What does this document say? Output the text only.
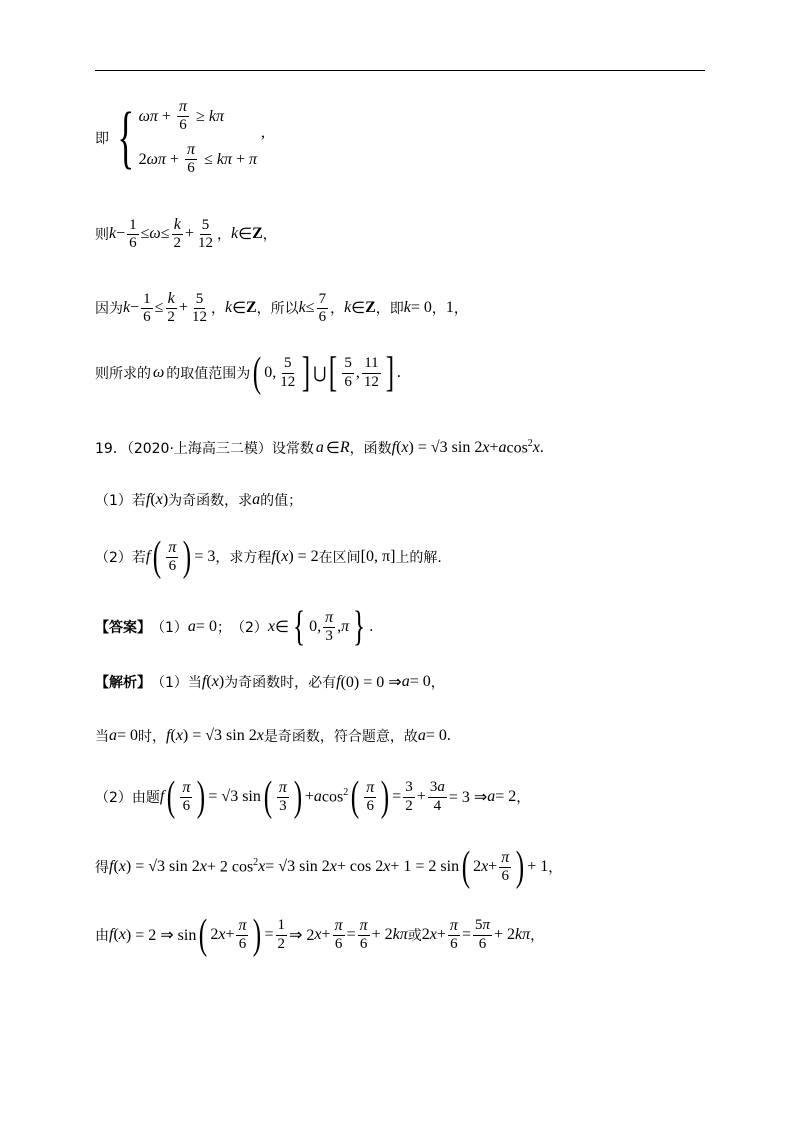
即 { $\omega\pi + \frac{\pi}{6} \ge k\pi$
$2\omega\pi + \frac{\pi}{6} \le k\pi + \pi$
,
则 $k - \frac{1}{6} \le \omega \le \frac{k}{2} + \frac{5}{12}$ ， k ∈ Z ，
因为 $k - \frac{1}{6} \le \frac{k}{2} + \frac{5}{12}$ ， k ∈ Z ， 所以 $k \le \frac{7}{6}$ ， k ∈ Z ， 即 k = 0 ， 1 ，
则所求的 ω 的取值范围为 ( 0, $\frac{5}{12}$ ] ⋃ [ $\frac{5}{6}$ , $\frac{11}{12}$ ] .
19．（2020·上海高三二模）设常数 a ∈ R ，函数 f ( x ) = √3 sin 2 x + a $\cos^2 x$ .
（1）若 f ( x ) 为奇函数，求 a 的值；
（2）若 f ( $\frac{\pi}{6}$ ) = 3 ，求方程 f ( x ) = 2 在区间 [0, π] 上的解.
【答案】 （1） a = 0 ； （2） x ∈ { 0, $\frac{\pi}{3}$ , π } .
【解析】 （1）当 f ( x ) 为奇函数时，必有 f (0) = 0 ⇒ a = 0 ，
当 a = 0 时， f ( x ) = √3 sin 2 x 是奇函数，符合题意，故 a = 0.
（2）由题 f ( $\frac{\pi}{6}$ ) = √3 sin ( $\frac{\pi}{3}$ ) + a $\cos^2$ ( $\frac{\pi}{6}$ ) = $\frac{3}{2} + \frac{3a}{4} = 3$ ⇒ a = 2 ，
得 f ( x ) = √3 sin 2 x + 2 $\cos^2 x = √3$ sin 2 x + cos 2 x + 1 = 2 sin ( 2 $x + \frac{\pi}{6}$ ) + 1 ，
由 f ( x ) = 2 ⇒ sin ( 2 $x + \frac{\pi}{6}$ ) = $\frac{1}{2}$ ⇒ 2 $x + \frac{\pi}{6} = \frac{\pi}{6} + 2$ kπ 或 2 $x + \frac{\pi}{6} = \frac{5\pi}{6} + 2$ kπ ，
